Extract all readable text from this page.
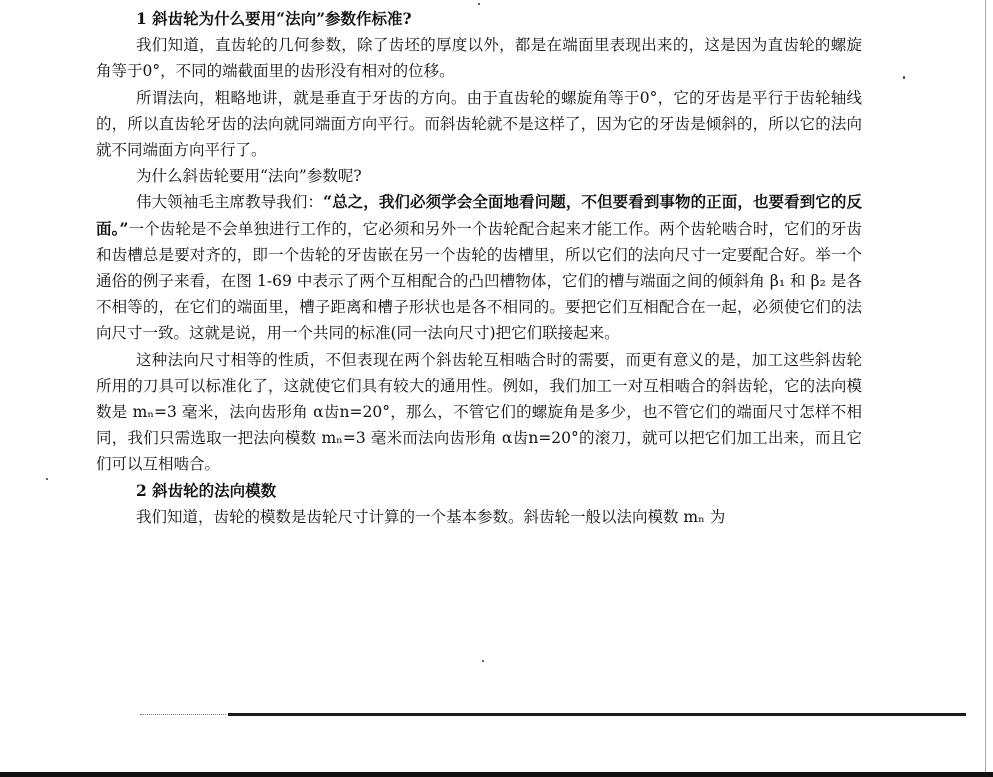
1 斜齿轮为什么要用“法向”参数作标准?

我们知道，直齿轮的几何参数，除了齿坯的厚度以外，都是在端面里表现出来的，这是因为直齿轮的螺旋角等于0°，不同的端截面里的齿形没有相对的位移。

所谓法向，粗略地讲，就是垂直于牙齿的方向。由于直齿轮的螺旋角等于0°，它的牙齿是平行于齿轮轴线的，所以直齿轮牙齿的法向就同端面方向平行。而斜齿轮就不是这样了，因为它的牙齿是倾斜的，所以它的法向就不同端面方向平行了。

为什么斜齿轮要用“法向”参数呢?

伟大领袖毛主席教导我们：“总之，我们必须学会全面地看问题，不但要看到事物的正面，也要看到它的反面。”一个齿轮是不会单独进行工作的，它必须和另外一个齿轮配合起来才能工作。两个齿轮啮合时，它们的牙齿和齿槽总是要对齐的，即一个齿轮的牙齿嵌在另一个齿轮的齿槽里，所以它们的法向尺寸一定要配合好。举一个通俗的例子来看，在图 1-69 中表示了两个互相配合的凸凹槽物体，它们的槽与端面之间的倾斜角 β₁ 和 β₂ 是各不相等的，在它们的端面里，槽子距离和槽子形状也是各不相同的。要把它们互相配合在一起，必须使它们的法向尺寸一致。这就是说，用一个共同的标准(同一法向尺寸)把它们联接起来。

这种法向尺寸相等的性质，不但表现在两个斜齿轮互相啮合时的需要，而更有意义的是，加工这些斜齿轮所用的刀具可以标准化了，这就使它们具有较大的通用性。例如，我们加工一对互相啮合的斜齿轮，它的法向模数是 mₙ=3 毫米，法向齿形角 α齿n=20°，那么，不管它们的螺旋角是多少，也不管它们的端面尺寸怎样不相同，我们只需选取一把法向模数 mₙ=3 毫米而法向齿形角 α齿n=20°的滚刀，就可以把它们加工出来，而且它们可以互相啮合。

2 斜齿轮的法向模数

我们知道，齿轮的模数是齿轮尺寸计算的一个基本参数。斜齿轮一般以法向模数 mₙ 为
